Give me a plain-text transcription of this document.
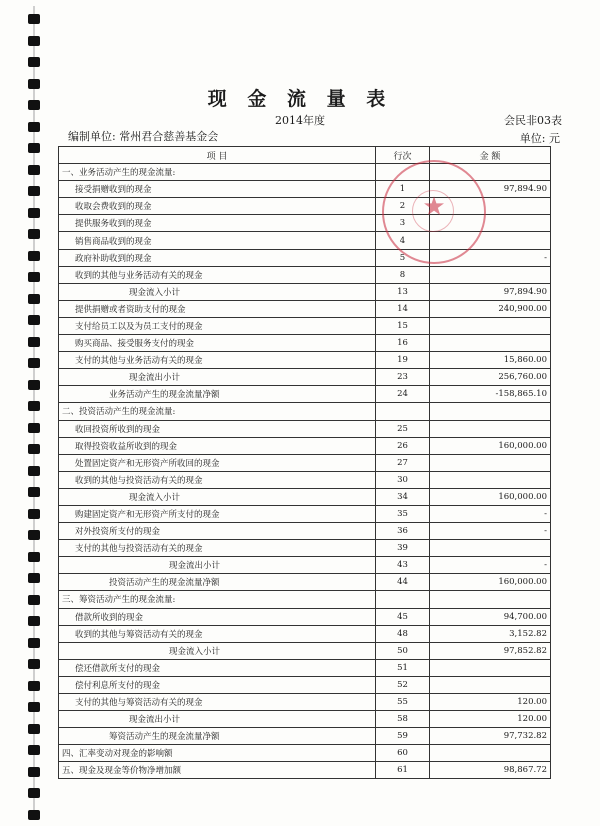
现 金 流 量 表
2014年度	会民非03表
编制单位: 常州君合慈善基金会	单位: 元
项 目	行次	金 额
一、业务活动产生的现金流量:		
接受捐赠收到的现金	1	97,894.90
收取会费收到的现金	2	
提供服务收到的现金	3	
销售商品收到的现金	4	
政府补助收到的现金	5	-
收到的其他与业务活动有关的现金	8	
现金流入小计	13	97,894.90
提供捐赠或者资助支付的现金	14	240,900.00
支付给员工以及为员工支付的现金	15	
购买商品、接受服务支付的现金	16	
支付的其他与业务活动有关的现金	19	15,860.00
现金流出小计	23	256,760.00
业务活动产生的现金流量净额	24	-158,865.10
二、投资活动产生的现金流量:		
收回投资所收到的现金	25	
取得投资收益所收到的现金	26	160,000.00
处置固定资产和无形资产所收回的现金	27	
收到的其他与投资活动有关的现金	30	
现金流入小计	34	160,000.00
购建固定资产和无形资产所支付的现金	35	-
对外投资所支付的现金	36	-
支付的其他与投资活动有关的现金	39	
现金流出小计	43	-
投资活动产生的现金流量净额	44	160,000.00
三、筹资活动产生的现金流量:		
借款所收到的现金	45	94,700.00
收到的其他与筹资活动有关的现金	48	3,152.82
现金流入小计	50	97,852.82
偿还借款所支付的现金	51	
偿付利息所支付的现金	52	
支付的其他与筹资活动有关的现金	55	120.00
现金流出小计	58	120.00
筹资活动产生的现金流量净额	59	97,732.82
四、汇率变动对现金的影响额	60	
五、现金及现金等价物净增加额	61	98,867.72
★
